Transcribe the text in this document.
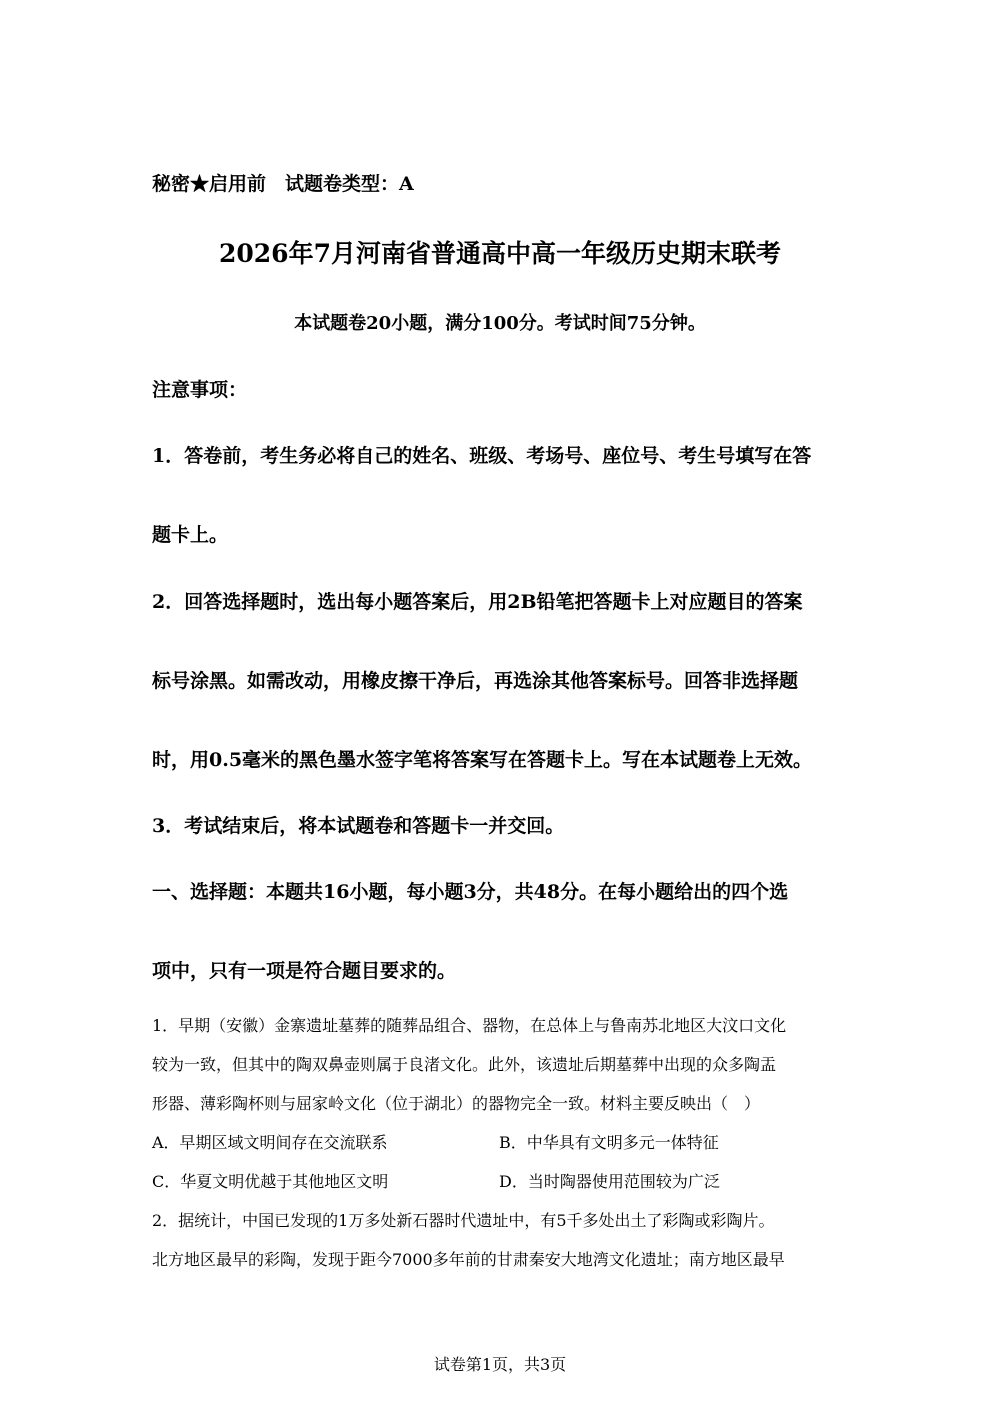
秘密★启用前　试题卷类型：A
2026年7月河南省普通高中高一年级历史期末联考
本试题卷20小题，满分100分。考试时间75分钟。
注意事项：
1．答卷前，考生务必将自己的姓名、班级、考场号、座位号、考生号填写在答
题卡上。
2．回答选择题时，选出每小题答案后，用2B铅笔把答题卡上对应题目的答案
标号涂黑。如需改动，用橡皮擦干净后，再选涂其他答案标号。回答非选择题
时，用0.5毫米的黑色墨水签字笔将答案写在答题卡上。写在本试题卷上无效。
3．考试结束后，将本试题卷和答题卡一并交回。
一、选择题：本题共16小题，每小题3分，共48分。在每小题给出的四个选
项中，只有一项是符合题目要求的。
1．早期（安徽）金寨遗址墓葬的随葬品组合、器物，在总体上与鲁南苏北地区大汶口文化
较为一致，但其中的陶双鼻壶则属于良渚文化。此外，该遗址后期墓葬中出现的众多陶盂
形器、薄彩陶杯则与屈家岭文化（位于湖北）的器物完全一致。材料主要反映出（　）
A．早期区域文明间存在交流联系	B．中华具有文明多元一体特征
C．华夏文明优越于其他地区文明	D．当时陶器使用范围较为广泛
2．据统计，中国已发现的1万多处新石器时代遗址中，有5千多处出土了彩陶或彩陶片。
北方地区最早的彩陶，发现于距今7000多年前的甘肃秦安大地湾文化遗址；南方地区最早
试卷第1页，共3页
